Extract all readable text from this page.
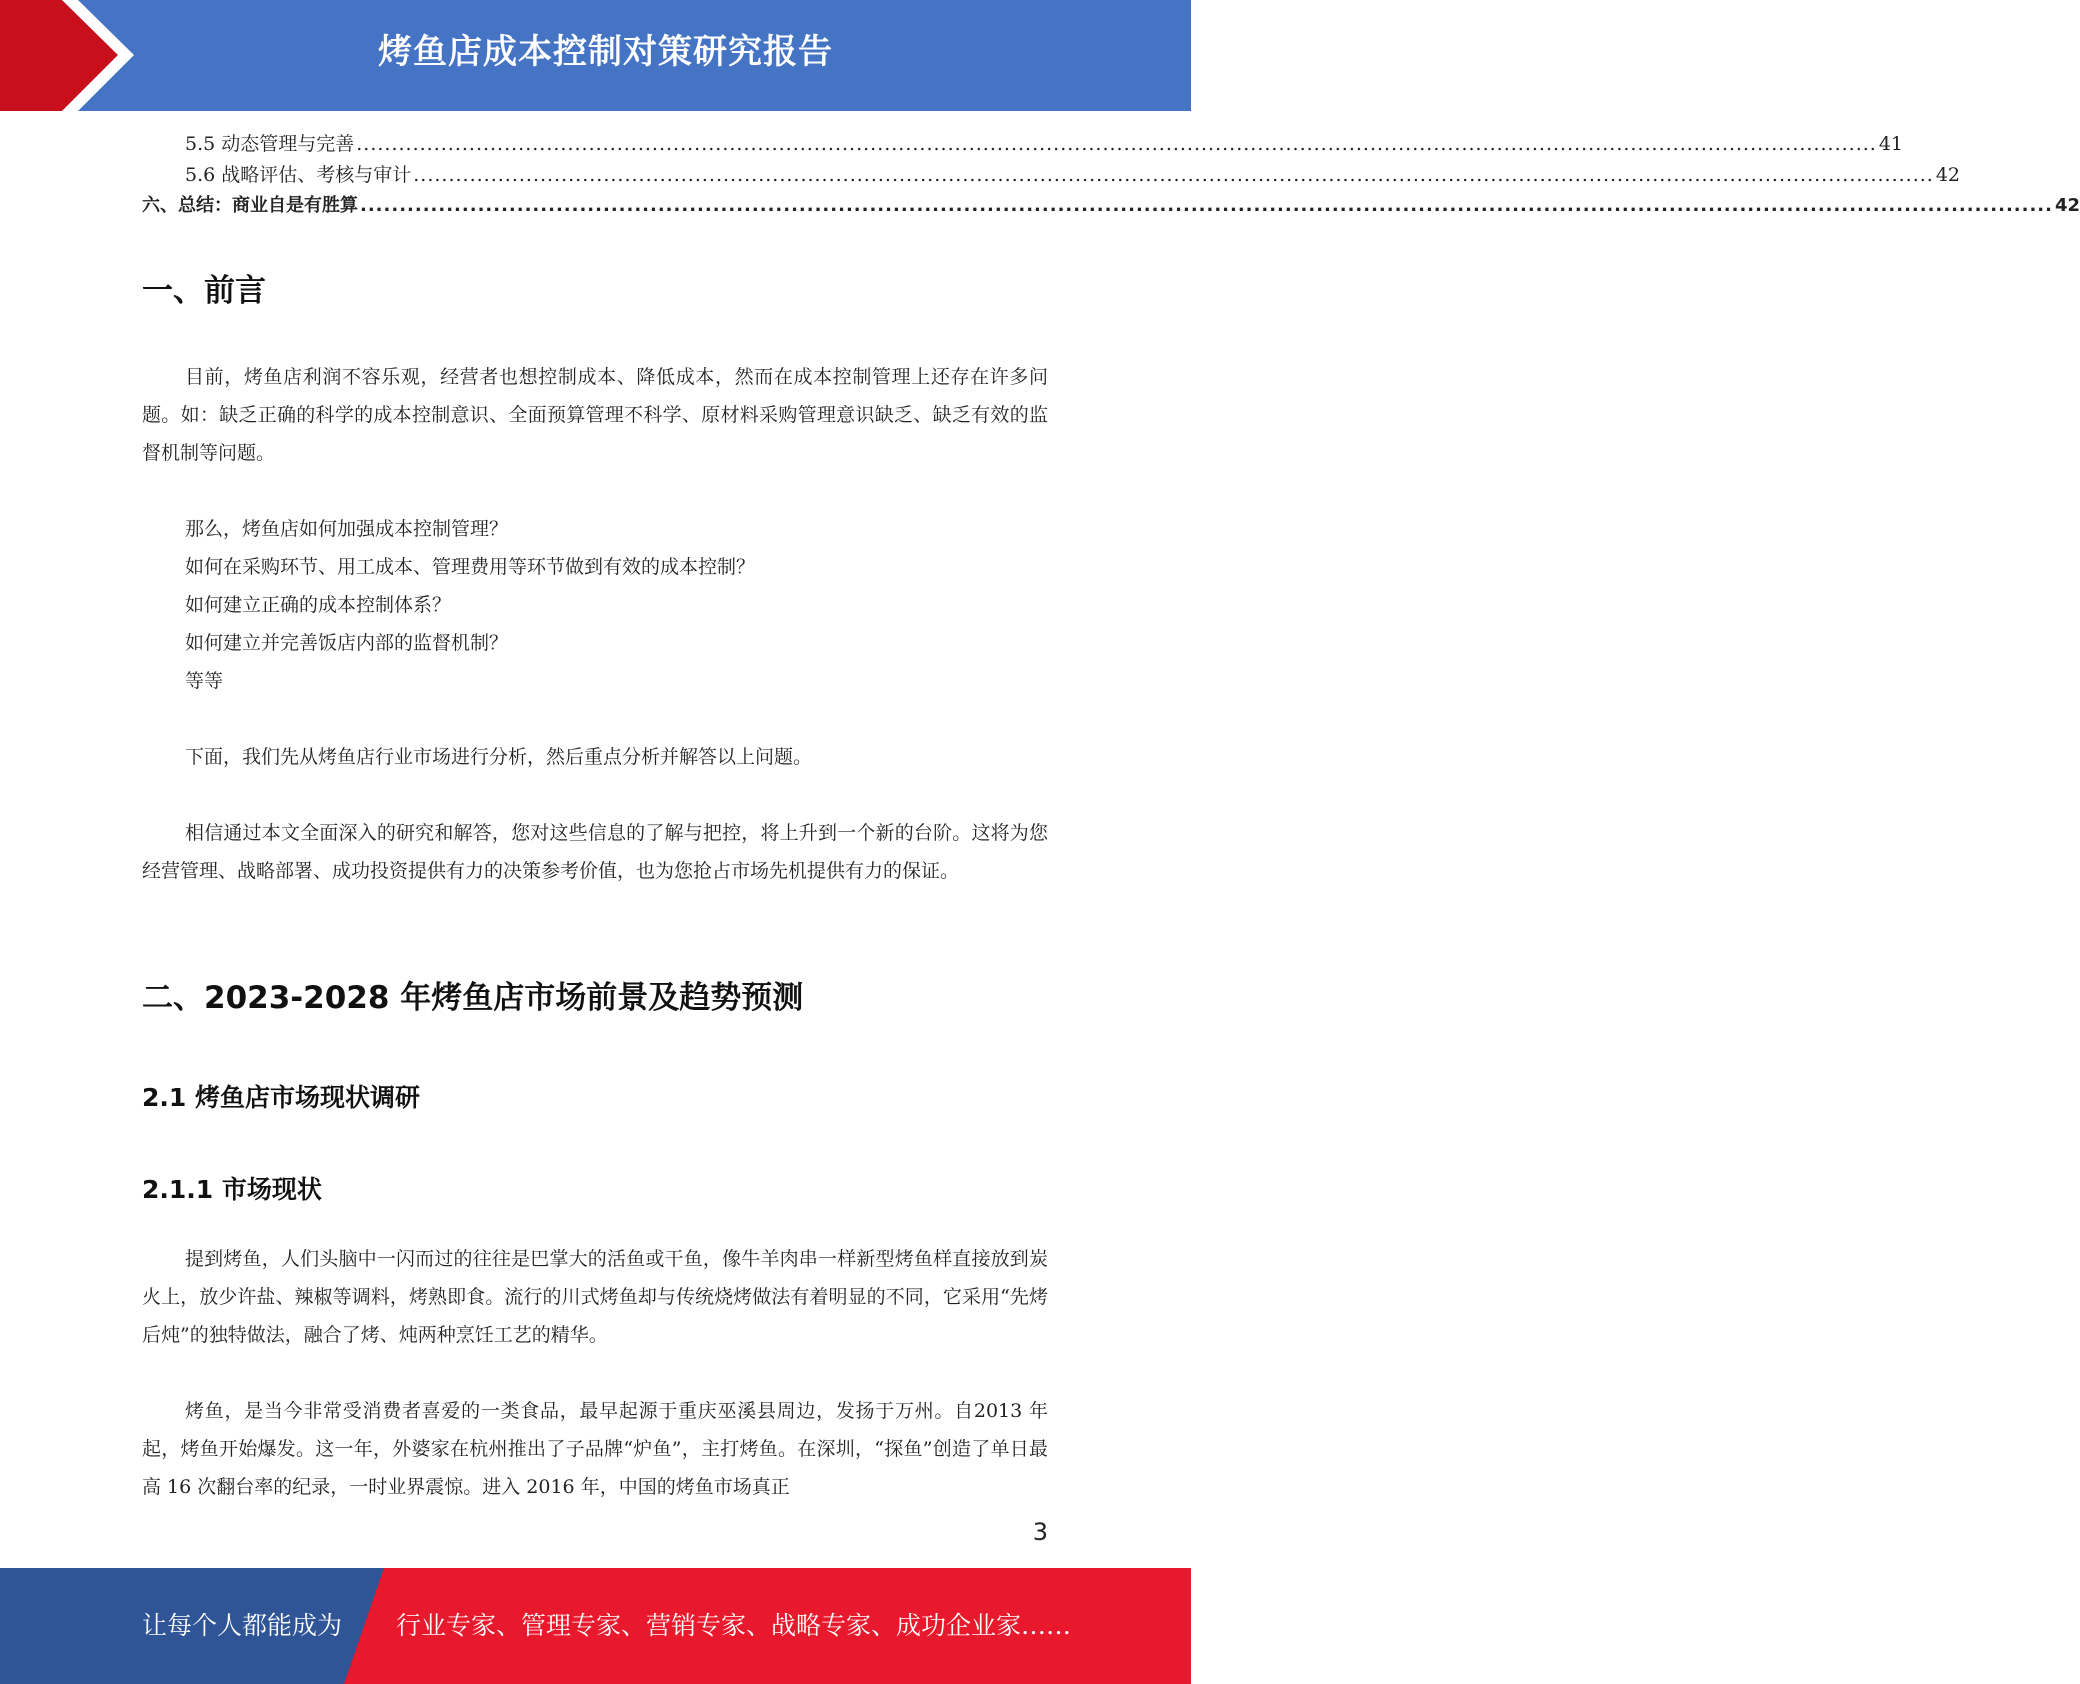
烤鱼店成本控制对策研究报告
5.5 动态管理与完善 ........................................................................................................................................................................................................................ 41
5.6 战略评估、考核与审计 ........................................................................................................................................................................................................................ 42
六、总结：商业自是有胜算 ........................................................................................................................................................................................................................ 42
一、前言

目前，烤鱼店利润不容乐观，经营者也想控制成本、降低成本，然而在成本控制管理上还存在许多问题。如：缺乏正确的科学的成本控制意识、全面预算管理不科学、原材料采购管理意识缺乏、缺乏有效的监督机制等问题。

那么，烤鱼店如何加强成本控制管理？
如何在采购环节、用工成本、管理费用等环节做到有效的成本控制？
如何建立正确的成本控制体系？
如何建立并完善饭店内部的监督机制？
等等

下面，我们先从烤鱼店行业市场进行分析，然后重点分析并解答以上问题。

相信通过本文全面深入的研究和解答，您对这些信息的了解与把控，将上升到一个新的台阶。这将为您经营管理、战略部署、成功投资提供有力的决策参考价值，也为您抢占市场先机提供有力的保证。

二、2023-2028 年烤鱼店市场前景及趋势预测
2.1 烤鱼店市场现状调研
2.1.1 市场现状

提到烤鱼，人们头脑中一闪而过的往往是巴掌大的活鱼或干鱼，像牛羊肉串一样新型烤鱼样直接放到炭火上，放少许盐、辣椒等调料，烤熟即食。流行的川式烤鱼却与传统烧烤做法有着明显的不同，它采用“先烤后炖”的独特做法，融合了烤、炖两种烹饪工艺的精华。

烤鱼，是当今非常受消费者喜爱的一类食品，最早起源于重庆巫溪县周边，发扬于万州。自2013 年起，烤鱼开始爆发。这一年，外婆家在杭州推出了子品牌“炉鱼”，主打烤鱼。在深圳，“探鱼”创造了单日最高 16 次翻台率的纪录，一时业界震惊。进入 2016 年，中国的烤鱼市场真正

3
让每个人都能成为 行业专家、管理专家、营销专家、战略专家、成功企业家……
